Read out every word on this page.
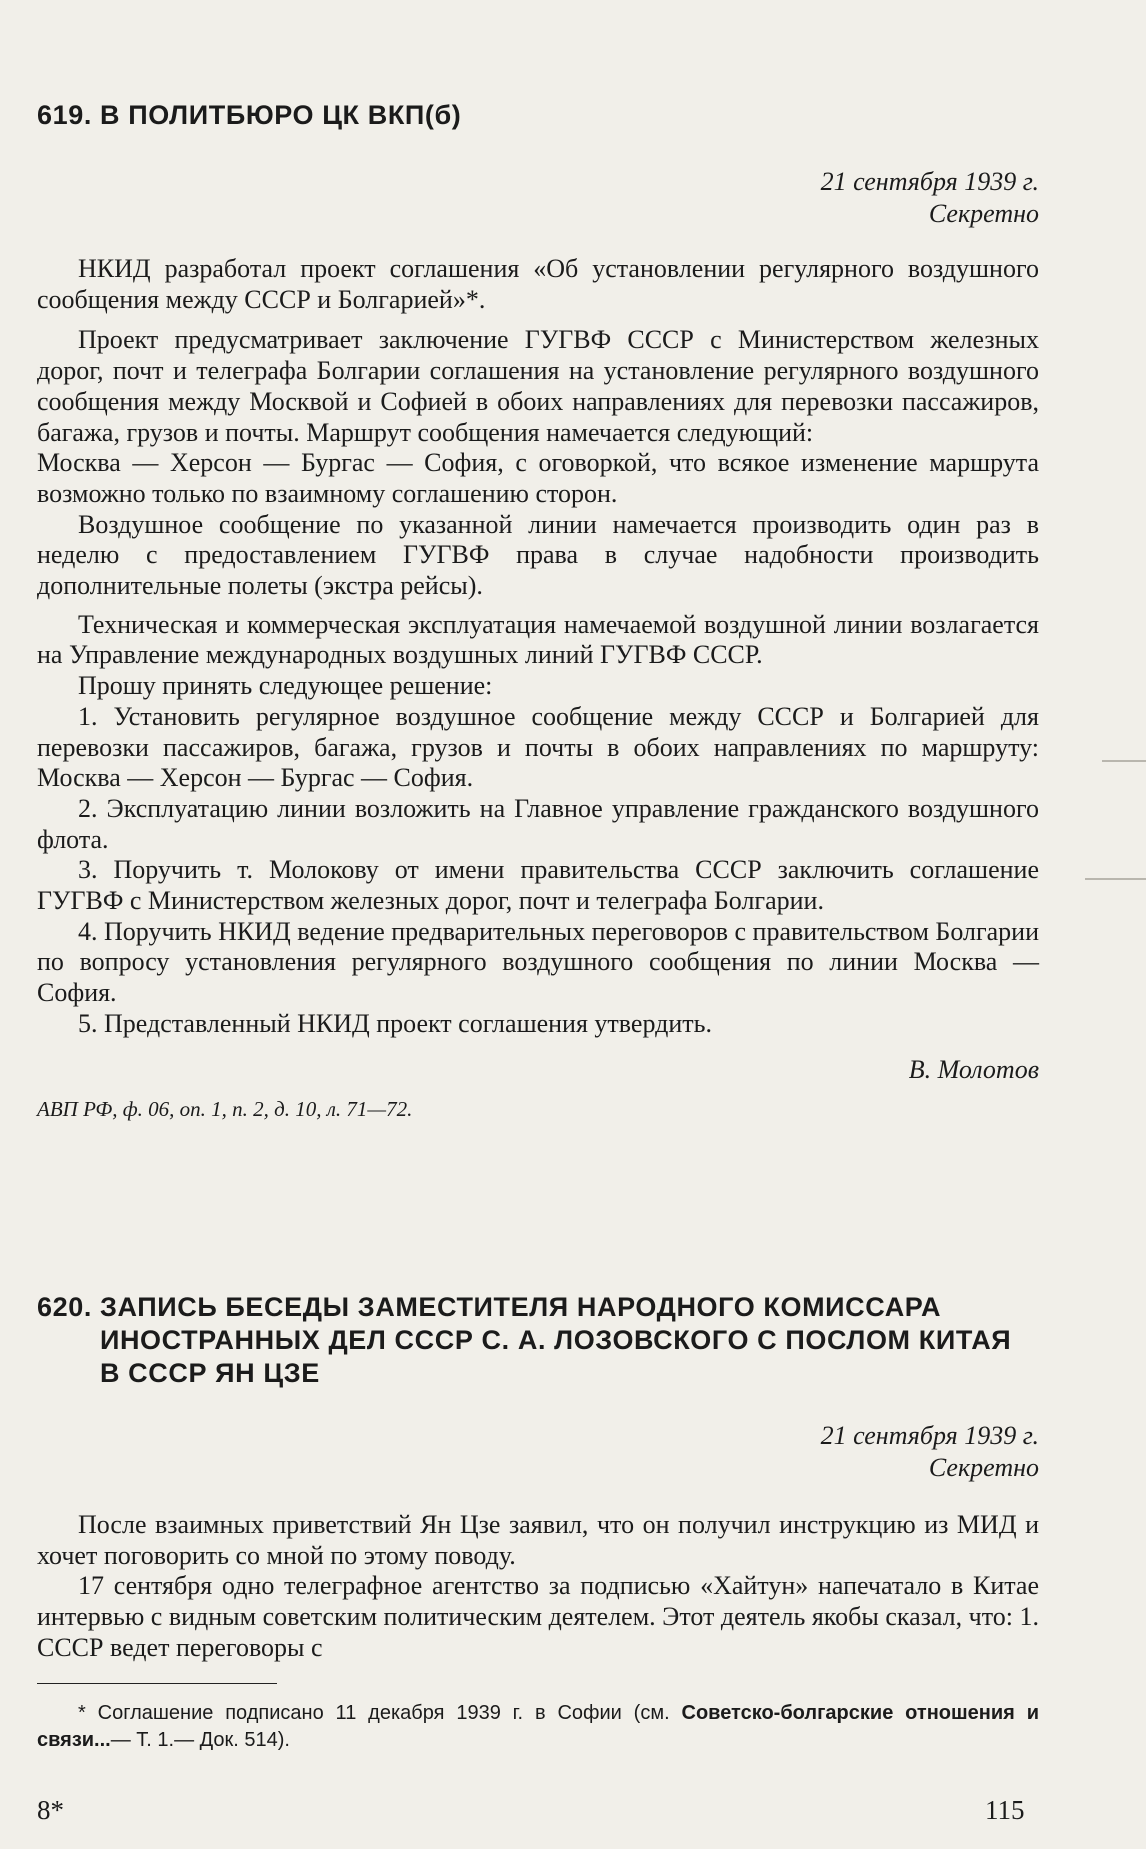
619. В ПОЛИТБЮРО ЦК ВКП(б)
21 сентября 1939 г.
Секретно

НКИД разработал проект соглашения «Об установлении регулярного воздушного сообщения между СССР и Болгарией»*.

Проект предусматривает заключение ГУГВФ СССР с Министерством железных дорог, почт и телеграфа Болгарии соглашения на установление регулярного воздушного сообщения между Москвой и Софией в обоих направлениях для перевозки пассажиров, багажа, грузов и почты. Маршрут сообщения намечается следующий:

Москва — Херсон — Бургас — София, с оговоркой, что всякое изменение маршрута возможно только по взаимному соглашению сторон.

Воздушное сообщение по указанной линии намечается производить один раз в неделю с предоставлением ГУГВФ права в случае надобности производить дополнительные полеты (экстра рейсы).

Техническая и коммерческая эксплуатация намечаемой воздушной линии возлагается на Управление международных воздушных линий ГУГВФ СССР.

Прошу принять следующее решение:

1. Установить регулярное воздушное сообщение между СССР и Болгарией для перевозки пассажиров, багажа, грузов и почты в обоих направлениях по маршруту: Москва — Херсон — Бургас — София.

2. Эксплуатацию линии возложить на Главное управление гражданского воздушного флота.

3. Поручить т. Молокову от имени правительства СССР заключить соглашение ГУГВФ с Министерством железных дорог, почт и телеграфа Болгарии.

4. Поручить НКИД ведение предварительных переговоров с правительством Болгарии по вопросу установления регулярного воздушного сообщения по линии Москва — София.

5. Представленный НКИД проект соглашения утвердить.

В. Молотов
АВП РФ, ф. 06, оп. 1, п. 2, д. 10, л. 71—72.
620. ЗАПИСЬ БЕСЕДЫ ЗАМЕСТИТЕЛЯ НАРОДНОГО КОМИССАРА ИНОСТРАННЫХ ДЕЛ СССР С. А. ЛОЗОВСКОГО С ПОСЛОМ КИТАЯ В СССР ЯН ЦЗЕ
21 сентября 1939 г.
Секретно

После взаимных приветствий Ян Цзе заявил, что он получил инструкцию из МИД и хочет поговорить со мной по этому поводу.

17 сентября одно телеграфное агентство за подписью «Хайтун» напечатало в Китае интервью с видным советским политическим деятелем. Этот деятель якобы сказал, что: 1. СССР ведет переговоры с

* Соглашение подписано 11 декабря 1939 г. в Софии (см. Советско-болгарские отношения и связи...— Т. 1.— Док. 514).

8*	115
